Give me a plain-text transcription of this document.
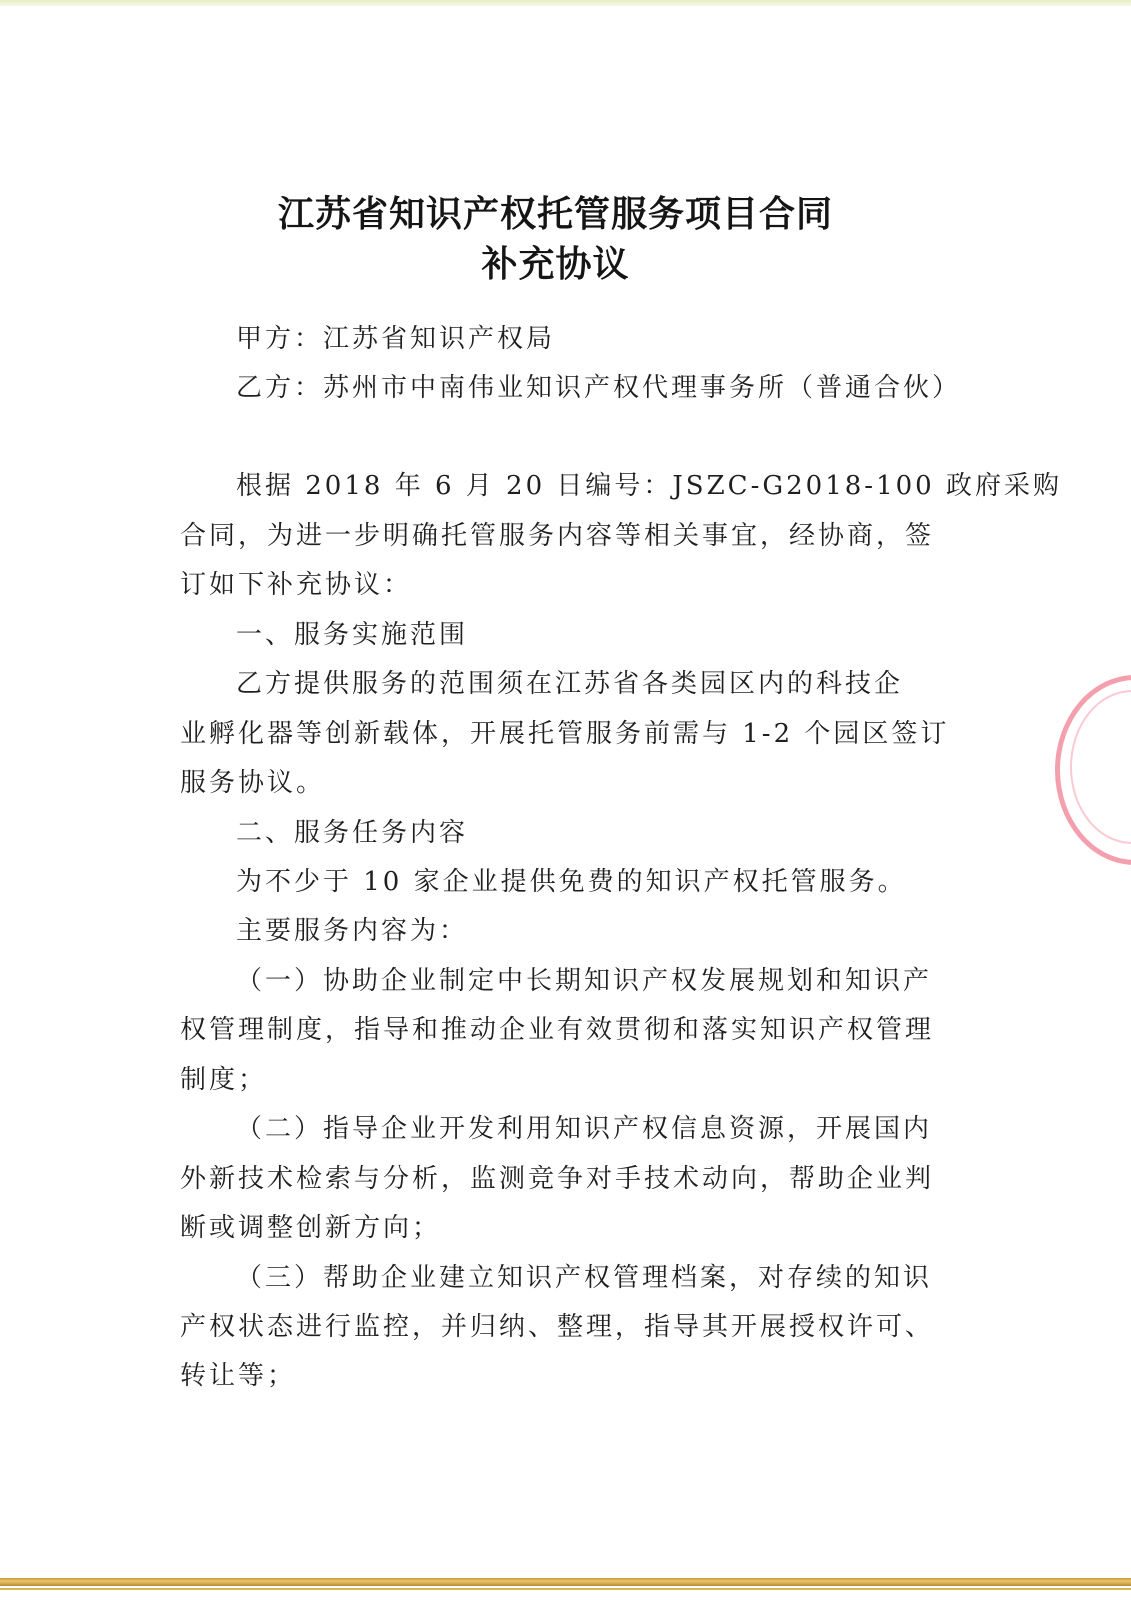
江苏省知识产权托管服务项目合同
补充协议
甲方：江苏省知识产权局
乙方：苏州市中南伟业知识产权代理事务所（普通合伙）
根据 2018 年 6 月 20 日编号：JSZC-G2018-100 政府采购
合同，为进一步明确托管服务内容等相关事宜，经协商，签
订如下补充协议：
一、服务实施范围
乙方提供服务的范围须在江苏省各类园区内的科技企
业孵化器等创新载体，开展托管服务前需与 1-2 个园区签订
服务协议。
二、服务任务内容
为不少于 10 家企业提供免费的知识产权托管服务。
主要服务内容为：
（一）协助企业制定中长期知识产权发展规划和知识产
权管理制度，指导和推动企业有效贯彻和落实知识产权管理
制度；
（二）指导企业开发利用知识产权信息资源，开展国内
外新技术检索与分析，监测竞争对手技术动向，帮助企业判
断或调整创新方向；
（三）帮助企业建立知识产权管理档案，对存续的知识
产权状态进行监控，并归纳、整理，指导其开展授权许可、
转让等；
